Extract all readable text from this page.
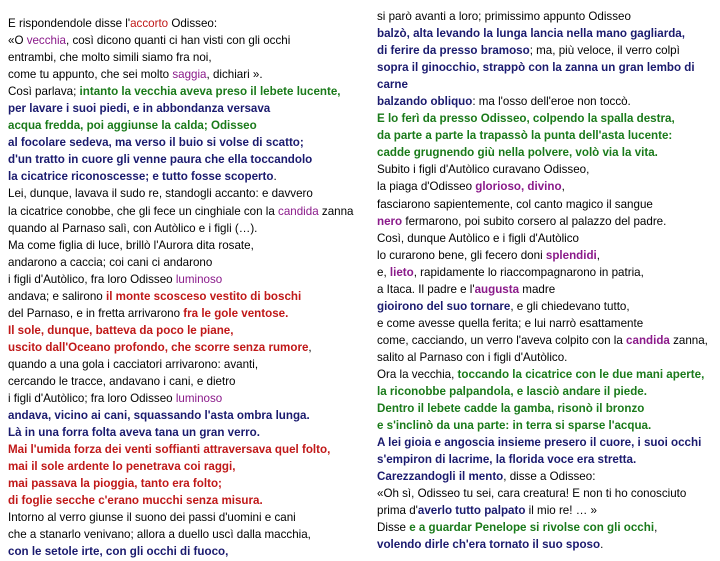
E rispondendole disse l'accorto Odisseo:
«O vecchia, così dicono quanti ci han visti con gli occhi
entrambi, che molto simili siamo fra noi,
come tu appunto, che sei molto saggia, dichiari ».
Così parlava; intanto la vecchia aveva preso il lebete lucente,
per lavare i suoi piedi, e in abbondanza versava
acqua fredda, poi aggiunse la calda; Odisseo
al focolare sedeva, ma verso il buio si volse di scatto;
d'un tratto in cuore gli venne paura che ella toccandolo
la cicatrice riconoscesse; e tutto fosse scoperto.
Lei, dunque, lavava il sudo re, standogli accanto: e davvero
la cicatrice conobbe, che gli fece un cinghiale con la candida zanna
quando al Parnaso salì, con Autòlico e i figli (…).
Ma come figlia di luce, brillò l'Aurora dita rosate,
andarono a caccia; coi cani ci andarono
i figli d'Autòlico, fra loro Odisseo luminoso
andava; e salirono il monte scosceso vestito di boschi
del Parnaso, e in fretta arrivarono fra le gole ventose.
Il sole, dunque, batteva da poco le piane,
uscito dall'Oceano profondo, che scorre senza rumore,
quando a una gola i cacciatori arrivarono: avanti,
cercando le tracce, andavano i cani, e dietro
i figli d'Autòlico; fra loro Odisseo luminoso
andava, vicino ai cani, squassando l'asta ombra lunga.
Là in una forra folta aveva tana un gran verro.
Mai l'umida forza dei venti soffianti attraversava quel folto,
mai il sole ardente lo penetrava coi raggi,
mai passava la pioggia, tanto era folto;
di foglie secche c'erano mucchi senza misura.
Intorno al verro giunse il suono dei passi d'uomini e cani
che a stanarlo venivano; allora a duello uscì dalla macchia,
con le setole irte, con gli occhi di fuoco,
si parò avanti a loro; primissimo appunto Odisseo
balzò, alta levando la lunga lancia nella mano gagliarda,
di ferire da presso bramoso; ma, più veloce, il verro colpì
sopra il ginocchio, strappò con la zanna un gran lembo di
carne
balzando obliquo: ma l'osso dell'eroe non toccò.
E lo ferì da presso Odisseo, colpendo la spalla destra,
da parte a parte la trapassò la punta dell'asta lucente:
cadde grugnendo giù nella polvere, volò via la vita.
Subito i figli d'Autòlico curavano Odisseo,
la piaga d'Odisseo glorioso, divino,
fasciarono sapientemente, col canto magico il sangue
nero fermarono, poi subito corsero al palazzo del padre.
Così, dunque Autòlico e i figli d'Autòlico
lo curarono bene, gli fecero doni splendidi,
e, lieto, rapidamente lo riaccompagnarono in patria,
a Itaca. Il padre e l'augusta madre
gioirono del suo tornare, e gli chiedevano tutto,
e come avesse quella ferita; e lui narrò esattamente
come, cacciando, un verro l'aveva colpito con la candida zanna,
salito al Parnaso con i figli d'Autòlico.
Ora la vecchia, toccando la cicatrice con le due mani aperte,
la riconobbe palpandola, e lasciò andare il piede.
Dentro il lebete cadde la gamba, risonò il bronzo
e s'inclinò da una parte: in terra si sparse l'acqua.
A lei gioia e angoscia insieme presero il cuore, i suoi occhi
s'empiron di lacrime, la florida voce era stretta.
Carezzandogli il mento, disse a Odisseo:
«Oh sì, Odisseo tu sei, cara creatura! E non ti ho conosciuto
prima d'averlo tutto palpato il mio re! … »
Disse e a guardar Penelope si rivolse con gli occhi,
volendo dirle ch'era tornato il suo sposo.
